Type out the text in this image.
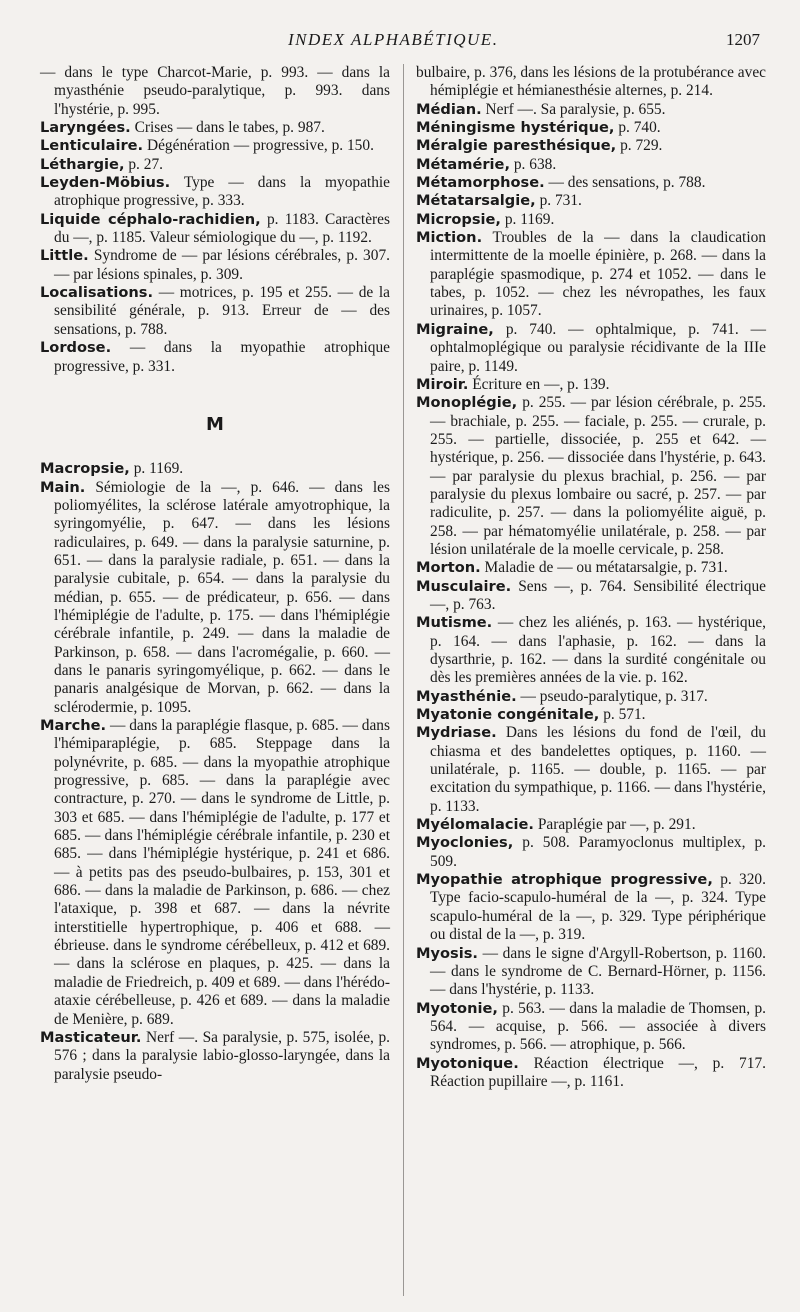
INDEX ALPHABÉTIQUE.	1207

— dans le type Charcot-Marie, p. 993. — dans la myasthénie pseudo-paralytique, p. 993. dans l'hystérie, p. 995.

Laryngées. Crises — dans le tabes, p. 987.

Lenticulaire. Dégénération — progressive, p. 150.

Léthargie, p. 27.

Leyden-Möbius. Type — dans la myopathie atrophique progressive, p. 333.

Liquide céphalo-rachidien, p. 1183. Caractères du —, p. 1185. Valeur sémiologique du —, p. 1192.

Little. Syndrome de — par lésions cérébrales, p. 307. — par lésions spinales, p. 309.

Localisations. — motrices, p. 195 et 255. — de la sensibilité générale, p. 913. Erreur de — des sensations, p. 788.

Lordose. — dans la myopathie atrophique progressive, p. 331.

M

Macropsie, p. 1169.

Main. Sémiologie de la —, p. 646. — dans les poliomyélites, la sclérose latérale amyotrophique, la syringomyélie, p. 647. — dans les lésions radiculaires, p. 649. — dans la paralysie saturnine, p. 651. — dans la paralysie radiale, p. 651. — dans la paralysie cubitale, p. 654. — dans la paralysie du médian, p. 655. — de prédicateur, p. 656. — dans l'hémiplégie de l'adulte, p. 175. — dans l'hémiplégie cérébrale infantile, p. 249. — dans la maladie de Parkinson, p. 658. — dans l'acromégalie, p. 660. — dans le panaris syringomyélique, p. 662. — dans le panaris analgésique de Morvan, p. 662. — dans la sclérodermie, p. 1095.

Marche. — dans la paraplégie flasque, p. 685. — dans l'hémiparaplégie, p. 685. Steppage dans la polynévrite, p. 685. — dans la myopathie atrophique progressive, p. 685. — dans la paraplégie avec contracture, p. 270. — dans le syndrome de Little, p. 303 et 685. — dans l'hémiplégie de l'adulte, p. 177 et 685. — dans l'hémiplégie cérébrale infantile, p. 230 et 685. — dans l'hémiplégie hystérique, p. 241 et 686. — à petits pas des pseudo-bulbaires, p. 153, 301 et 686. — dans la maladie de Parkinson, p. 686. — chez l'ataxique, p. 398 et 687. — dans la névrite interstitielle hypertrophique, p. 406 et 688. — ébrieuse. dans le syndrome cérébelleux, p. 412 et 689. — dans la sclérose en plaques, p. 425. — dans la maladie de Friedreich, p. 409 et 689. — dans l'hérédo-ataxie cérébelleuse, p. 426 et 689. — dans la maladie de Menière, p. 689.

Masticateur. Nerf —. Sa paralysie, p. 575, isolée, p. 576 ; dans la paralysie labio-glosso-laryngée, dans la paralysie pseudo-

bulbaire, p. 376, dans les lésions de la protubérance avec hémiplégie et hémianesthésie alternes, p. 214.

Médian. Nerf —. Sa paralysie, p. 655.

Méningisme hystérique, p. 740.

Méralgie paresthésique, p. 729.

Métamérie, p. 638.

Métamorphose. — des sensations, p. 788.

Métatarsalgie, p. 731.

Micropsie, p. 1169.

Miction. Troubles de la — dans la claudication intermittente de la moelle épinière, p. 268. — dans la paraplégie spasmodique, p. 274 et 1052. — dans le tabes, p. 1052. — chez les névropathes, les faux urinaires, p. 1057.

Migraine, p. 740. — ophtalmique, p. 741. — ophtalmoplégique ou paralysie récidivante de la IIIe paire, p. 1149.

Miroir. Écriture en —, p. 139.

Monoplégie, p. 255. — par lésion cérébrale, p. 255. — brachiale, p. 255. — faciale, p. 255. — crurale, p. 255. — partielle, dissociée, p. 255 et 642. — hystérique, p. 256. — dissociée dans l'hystérie, p. 643. — par paralysie du plexus brachial, p. 256. — par paralysie du plexus lombaire ou sacré, p. 257. — par radiculite, p. 257. — dans la poliomyélite aiguë, p. 258. — par hématomyélie unilatérale, p. 258. — par lésion unilatérale de la moelle cervicale, p. 258.

Morton. Maladie de — ou métatarsalgie, p. 731.

Musculaire. Sens —, p. 764. Sensibilité électrique —, p. 763.

Mutisme. — chez les aliénés, p. 163. — hystérique, p. 164. — dans l'aphasie, p. 162. — dans la dysarthrie, p. 162. — dans la surdité congénitale ou dès les premières années de la vie. p. 162.

Myasthénie. — pseudo-paralytique, p. 317.

Myatonie congénitale, p. 571.

Mydriase. Dans les lésions du fond de l'œil, du chiasma et des bandelettes optiques, p. 1160. — unilatérale, p. 1165. — double, p. 1165. — par excitation du sympathique, p. 1166. — dans l'hystérie, p. 1133.

Myélomalacie. Paraplégie par —, p. 291.

Myoclonies, p. 508. Paramyoclonus multiplex, p. 509.

Myopathie atrophique progressive, p. 320. Type facio-scapulo-huméral de la —, p. 324. Type scapulo-huméral de la —, p. 329. Type périphérique ou distal de la —, p. 319.

Myosis. — dans le signe d'Argyll-Robertson, p. 1160. — dans le syndrome de C. Bernard-Hörner, p. 1156. — dans l'hystérie, p. 1133.

Myotonie, p. 563. — dans la maladie de Thomsen, p. 564. — acquise, p. 566. — associée à divers syndromes, p. 566. — atrophique, p. 566.

Myotonique. Réaction électrique —, p. 717. Réaction pupillaire —, p. 1161.
